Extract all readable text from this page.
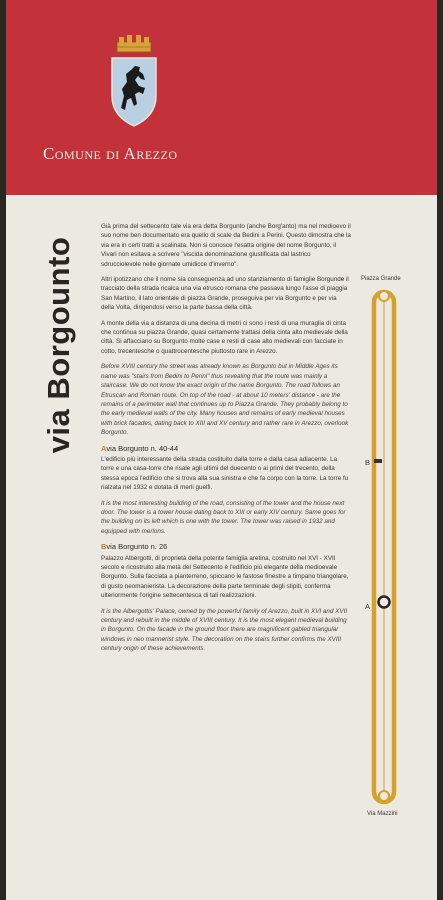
Comune di Arezzo
via Borgounto

Già prima del settecento tale via era detta Borgunto (anche Borg'anto) ma nel medioevo il suo nome ben documentato era quello di scale da Bedini a Perini. Questo dimostra che la via era in certi tratti a scalinata. Non si conosce l'esatta origine del nome Borgunto, il Vivari non esitava a scrivere "viscida denominazione giustificata dal lastrico sdrucciolevole nelle giornate umidicce d'inverno".

Altri ipotizzano che il nome sia conseguenza ad uno stanziamento di famiglie Borgunde il tracciato della strada ricalca una via etrusco romana che passava lungo l'asse di piaggia San Martino, il lato orientale di piazza Grande, proseguiva per via Borgunto e per via della Volta, dirigendosi verso la parte bassa della città.

A monte della via a distanza di una decina di metri ci sono i resti di una muraglia di cinta che continua su piazza Grande, quasi certamente trattasi della cinta alto medievale della città. Si affacciano su Borgunto molte case e resti di case alto medievali con facciate in cotto, trecentesche o quattrocentesche piuttosto rare in Arezzo.

Before XVIII century the street was already known as Borgunto but in Middle Ages its name was "stairs from Bedini to Perini" thus revealing that the route was mainly a staircase. We do not know the exact origin of the name Borgunto. The road follows an Etruscan and Roman route. On top of the road - at about 10 meters' distance - are the remains of a perimeter wall that continues up to Piazza Grande. They probably belong to the early medieval walls of the city. Many houses and remains of early medieval houses with brick facades, dating back to XIII and XV century and rather rare in Arezzo, overlook Borgunto.

Avia Borgunto n. 40-44

L'edificio più interessante della strada costituito dalla torre e dalla casa adiacente. La torre e una casa-torre che risale agli ultimi del duecento o ai primi del trecento, della stessa epoca l'edificio che si trova alla sua sinistra e che fa corpo con la torre. La torre fu rialzata nel 1932 e dotata di merli guelfi.

It is the most interesting building of the road, consisting of the tower and the house next door. The tower is a tower house dating back to XIII or early XIV century. Same goes for the building on its left which is one with the tower. The tower was raised in 1932 and equipped with merlons.

Bvia Borgunto n. 26

Palazzo Albergotti, di proprietà della potente famiglia aretina, costruito nel XVI - XVII secolo e ricostruito alla metà del Settecento è l'edificio più elegante della medioevale Borgunto. Sulla facciata a pianterreno, spiccano le fastose finestre a timpano triangolare, di gusto neomanierista. La decorazione della parte terminale degli stipiti, conferma ulteriormente l'origine settecentesca di tali realizzazioni.

It is the Albergottis' Palace, owned by the powerful family of Arezzo, built in XVI and XVII century and rebuilt in the middle of XVIII century. It is the most elegant medieval building in Borgunto. On the facade in the ground floor there are magnificent gabled triangular windows in neo mannerist style. The decoration on the stairs further confirms the XVIII century origin of these achievements.

Piazza Grande
B
A
Via Mazzini
